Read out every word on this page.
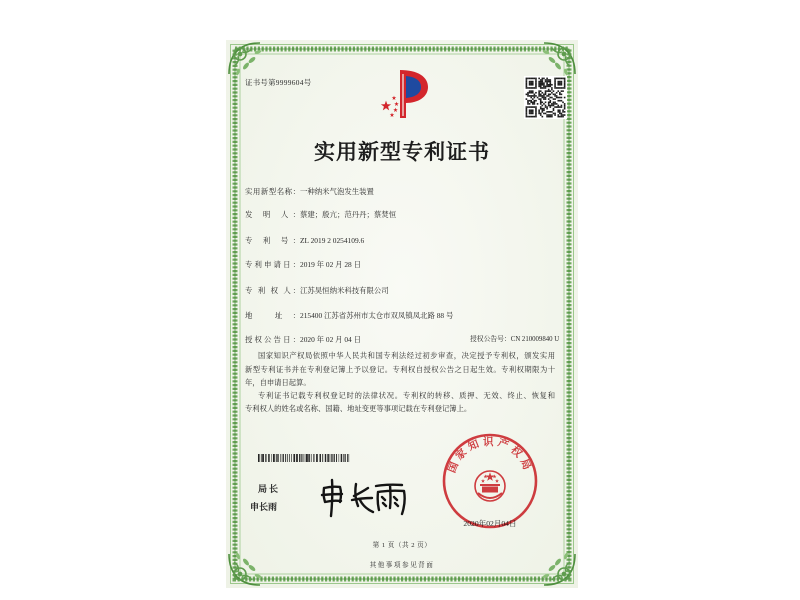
证书号第9999604号
实用新型专利证书
实用新型名称： 一种纳米气泡发生装置
发 明 人： 蔡建；殷亢；范丹丹；蔡焚恒
专 利 号： ZL 2019 2 0254109.6
专利申请日： 2019 年 02 月 28 日
专 利 权 人： 江苏昊恒纳米科技有限公司
地 址： 215400 江苏省苏州市太仓市双凤镇凤北路 88 号
授权公告日： 2020 年 02 月 04 日	授权公告号：CN 210009840 U
国家知识产权局依照中华人民共和国专利法经过初步审查，决定授予专利权，颁发实用
新型专利证书并在专利登记簿上予以登记。专利权自授权公告之日起生效。专利权期限为十
年，自申请日起算。
专利证书记载专利权登记时的法律状况。专利权的转移、质押、无效、终止、恢复和
专利权人的姓名或名称、国籍、地址变更等事项记载在专利登记簿上。
局长
申长雨
2020年02月04日
国家知识产权局
第 1 页（共 2 页）
其他事项参见背面
